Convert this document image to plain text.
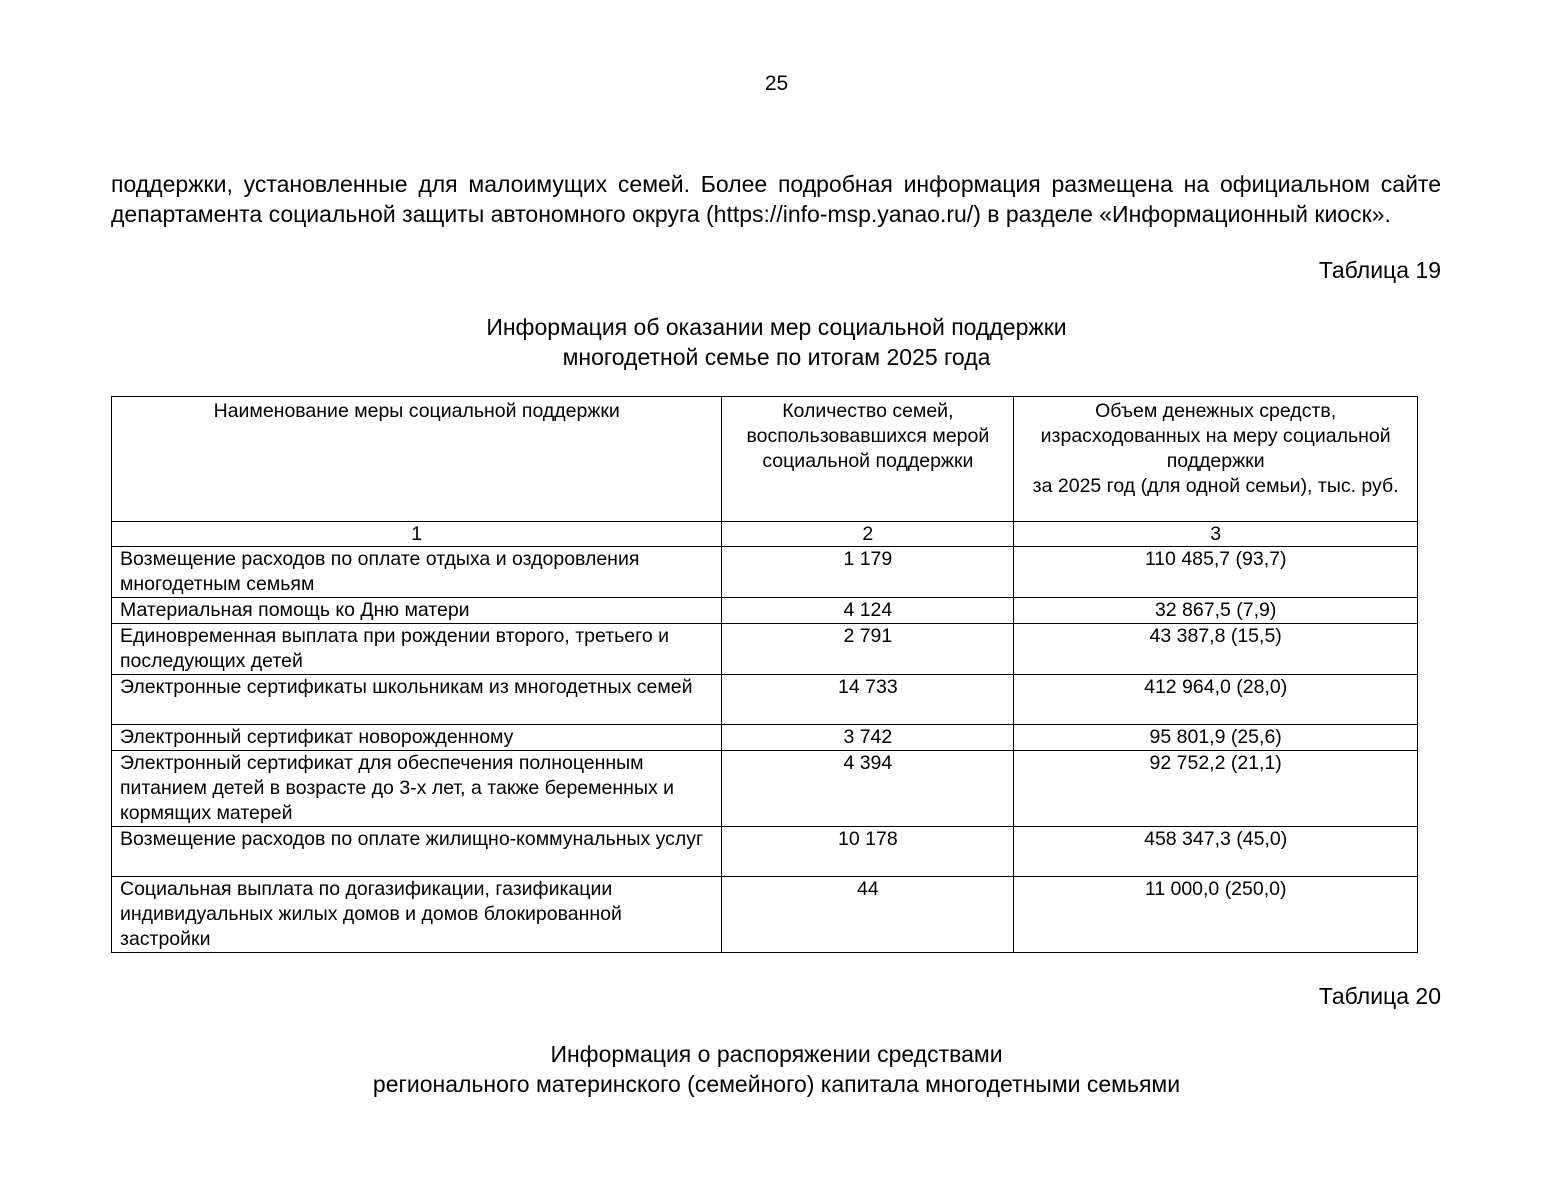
25

поддержки, установленные для малоимущих семей. Более подробная информация размещена на официальном сайте департамента социальной защиты автономного округа (https://info-msp.yanao.ru/) в разделе «Информационный киоск».

Таблица 19
Информация об оказании мер социальной поддержки
многодетной семье по итогам 2025 года
Наименование меры социальной поддержки	Количество семей, воспользовавшихся мерой социальной поддержки	Объем денежных средств, израсходованных на меру социальной поддержки
за 2025 год (для одной семьи), тыс. руб.

1	2	3
Возмещение расходов по оплате отдыха и оздоровления многодетным семьям	1 179	110 485,7 (93,7)
Материальная помощь ко Дню матери	4 124	32 867,5 (7,9)
Единовременная выплата при рождении второго, третьего и последующих детей	2 791	43 387,8 (15,5)
Электронные сертификаты школьникам из многодетных семей	14 733	412 964,0 (28,0)
Электронный сертификат новорожденному	3 742	95 801,9 (25,6)
Электронный сертификат для обеспечения полноценным питанием детей в возрасте до 3-х лет, а также беременных и кормящих матерей	4 394	92 752,2 (21,1)
Возмещение расходов по оплате жилищно-коммунальных услуг	10 178	458 347,3 (45,0)
Социальная выплата по догазификации, газификации индивидуальных жилых домов и домов блокированной застройки	44	11 000,0 (250,0)
Таблица 20
Информация о распоряжении средствами
регионального материнского (семейного) капитала многодетными семьями
